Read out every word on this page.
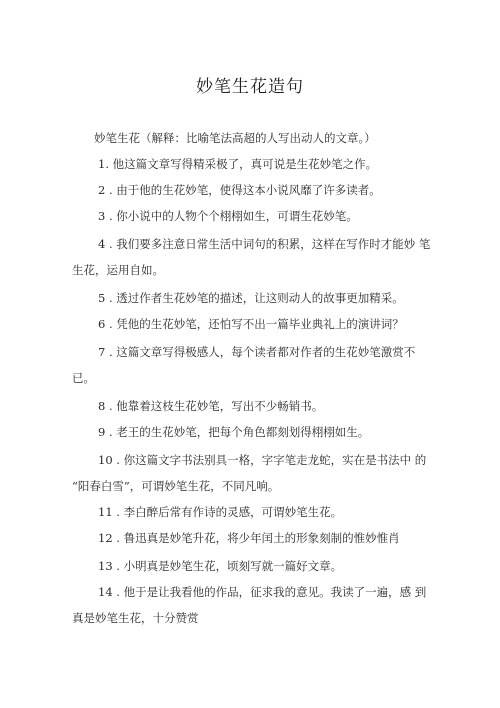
妙笔生花造句
妙笔生花（解释：比喻笔法高超的人写出动人的文章。）
1. 他这篇文章写得精采极了，真可说是生花妙笔之作。
2 . 由于他的生花妙笔，使得这本小说风靡了许多读者。
3 . 你小说中的人物个个栩栩如生，可谓生花妙笔。
4 . 我们要多注意日常生活中词句的积累，这样在写作时才能妙 笔
生花，运用自如。
5 . 透过作者生花妙笔的描述，让这则动人的故事更加精采。
6 . 凭他的生花妙笔，还怕写不出一篇毕业典礼上的演讲词？
7 . 这篇文章写得极感人，每个读者都对作者的生花妙笔激赏不
已。
8 . 他靠着这枝生花妙笔，写出不少畅销书。
9 . 老王的生花妙笔，把每个角色都刻划得栩栩如生。
10 . 你这篇文字书法别具一格，字字笔走龙蛇，实在是书法中 的
“阳春白雪”，可谓妙笔生花，不同凡响。
11 . 李白醉后常有作诗的灵感，可谓妙笔生花。
12 . 鲁迅真是妙笔升花，将少年闰土的形象刻制的惟妙惟肖
13 . 小明真是妙笔生花，顷刻写就一篇好文章。
14 . 他于是让我看他的作品，征求我的意见。我读了一遍，感 到
真是妙笔生花，十分赞赏
